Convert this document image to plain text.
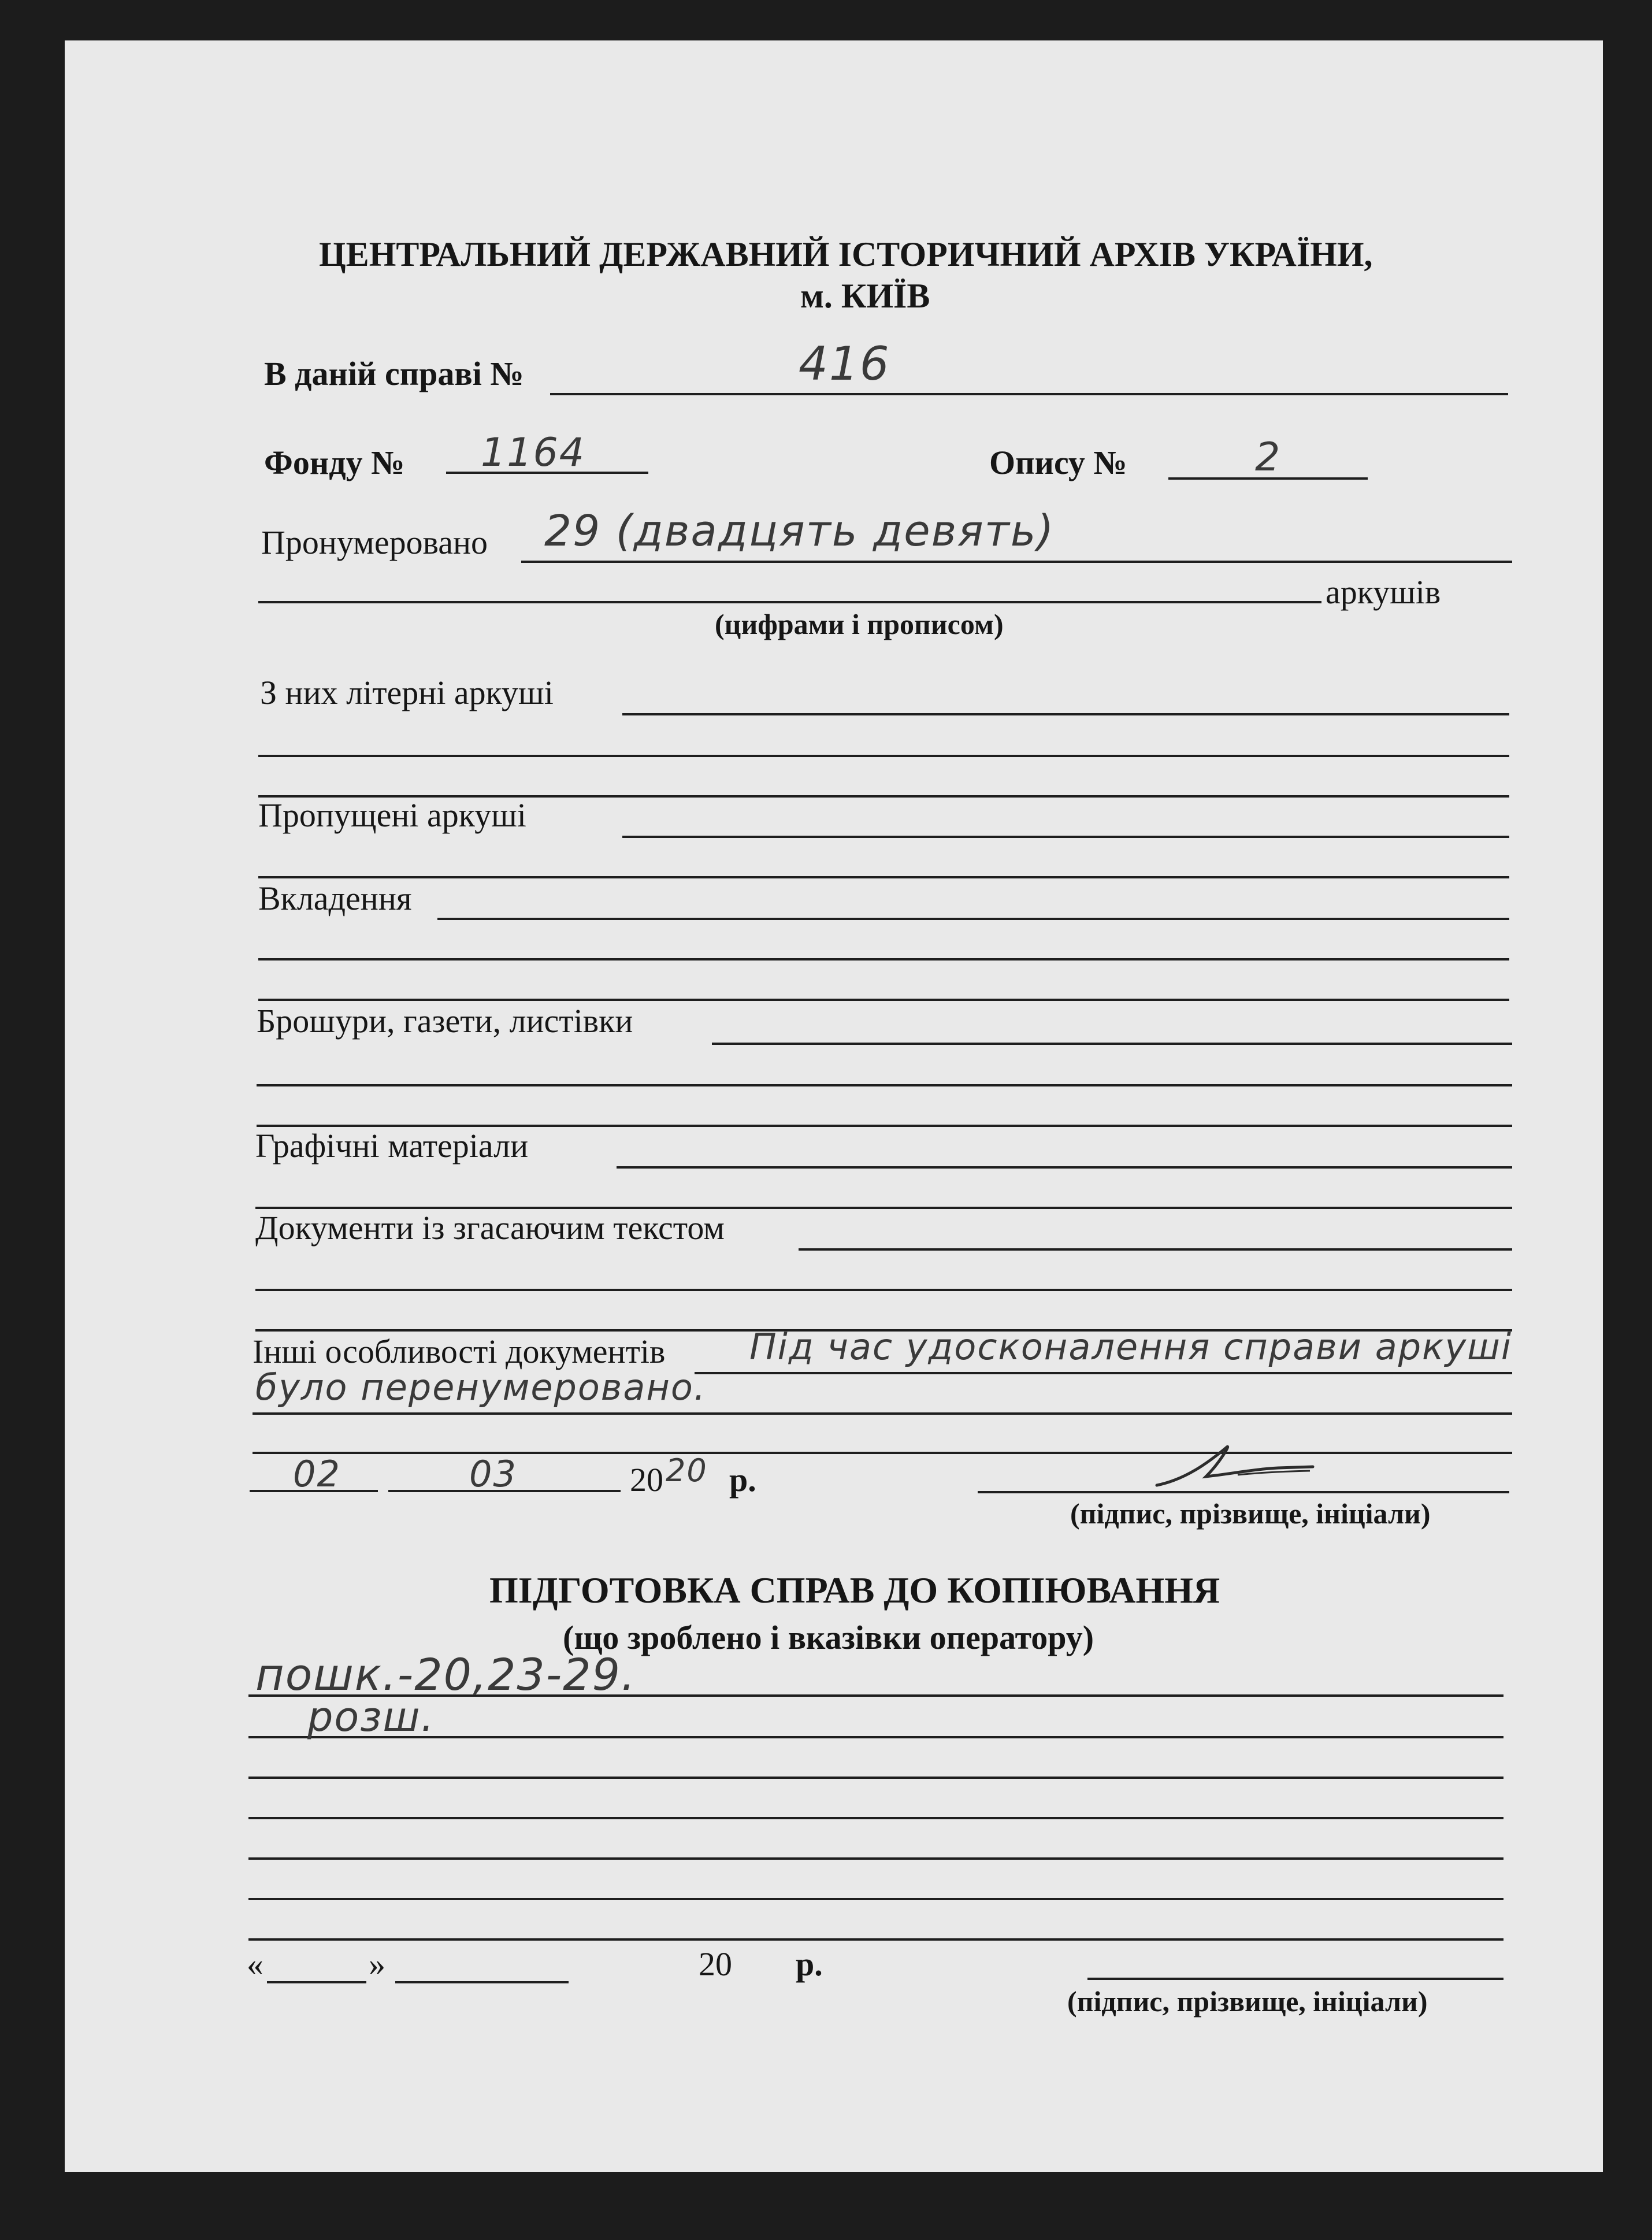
ЦЕНТРАЛЬНИЙ ДЕРЖАВНИЙ ІСТОРИЧНИЙ АРХІВ УКРАЇНИ,
м. КИЇВ
В даній справі №	416
Фонду № 1164	Опису №	2
Пронумеровано 29 (двадцять девять)
аркушів
(цифрами і прописом)
З них літерні аркуші
Пропущені аркуші
Вкладення
Брошури, газети, листівки
Графічні матеріали
Документи із згасаючим текстом
Інші особливості документів Під час удосконалення справи аркуші
було перенумеровано.
02	03	20 20 р.
(підпис, прізвище, ініціали)
ПІДГОТОВКА СПРАВ ДО КОПІЮВАННЯ
(що зроблено і вказівки оператору)
пошк.-20,23-29.
розш.
«	»	20 р.
(підпис, прізвище, ініціали)
